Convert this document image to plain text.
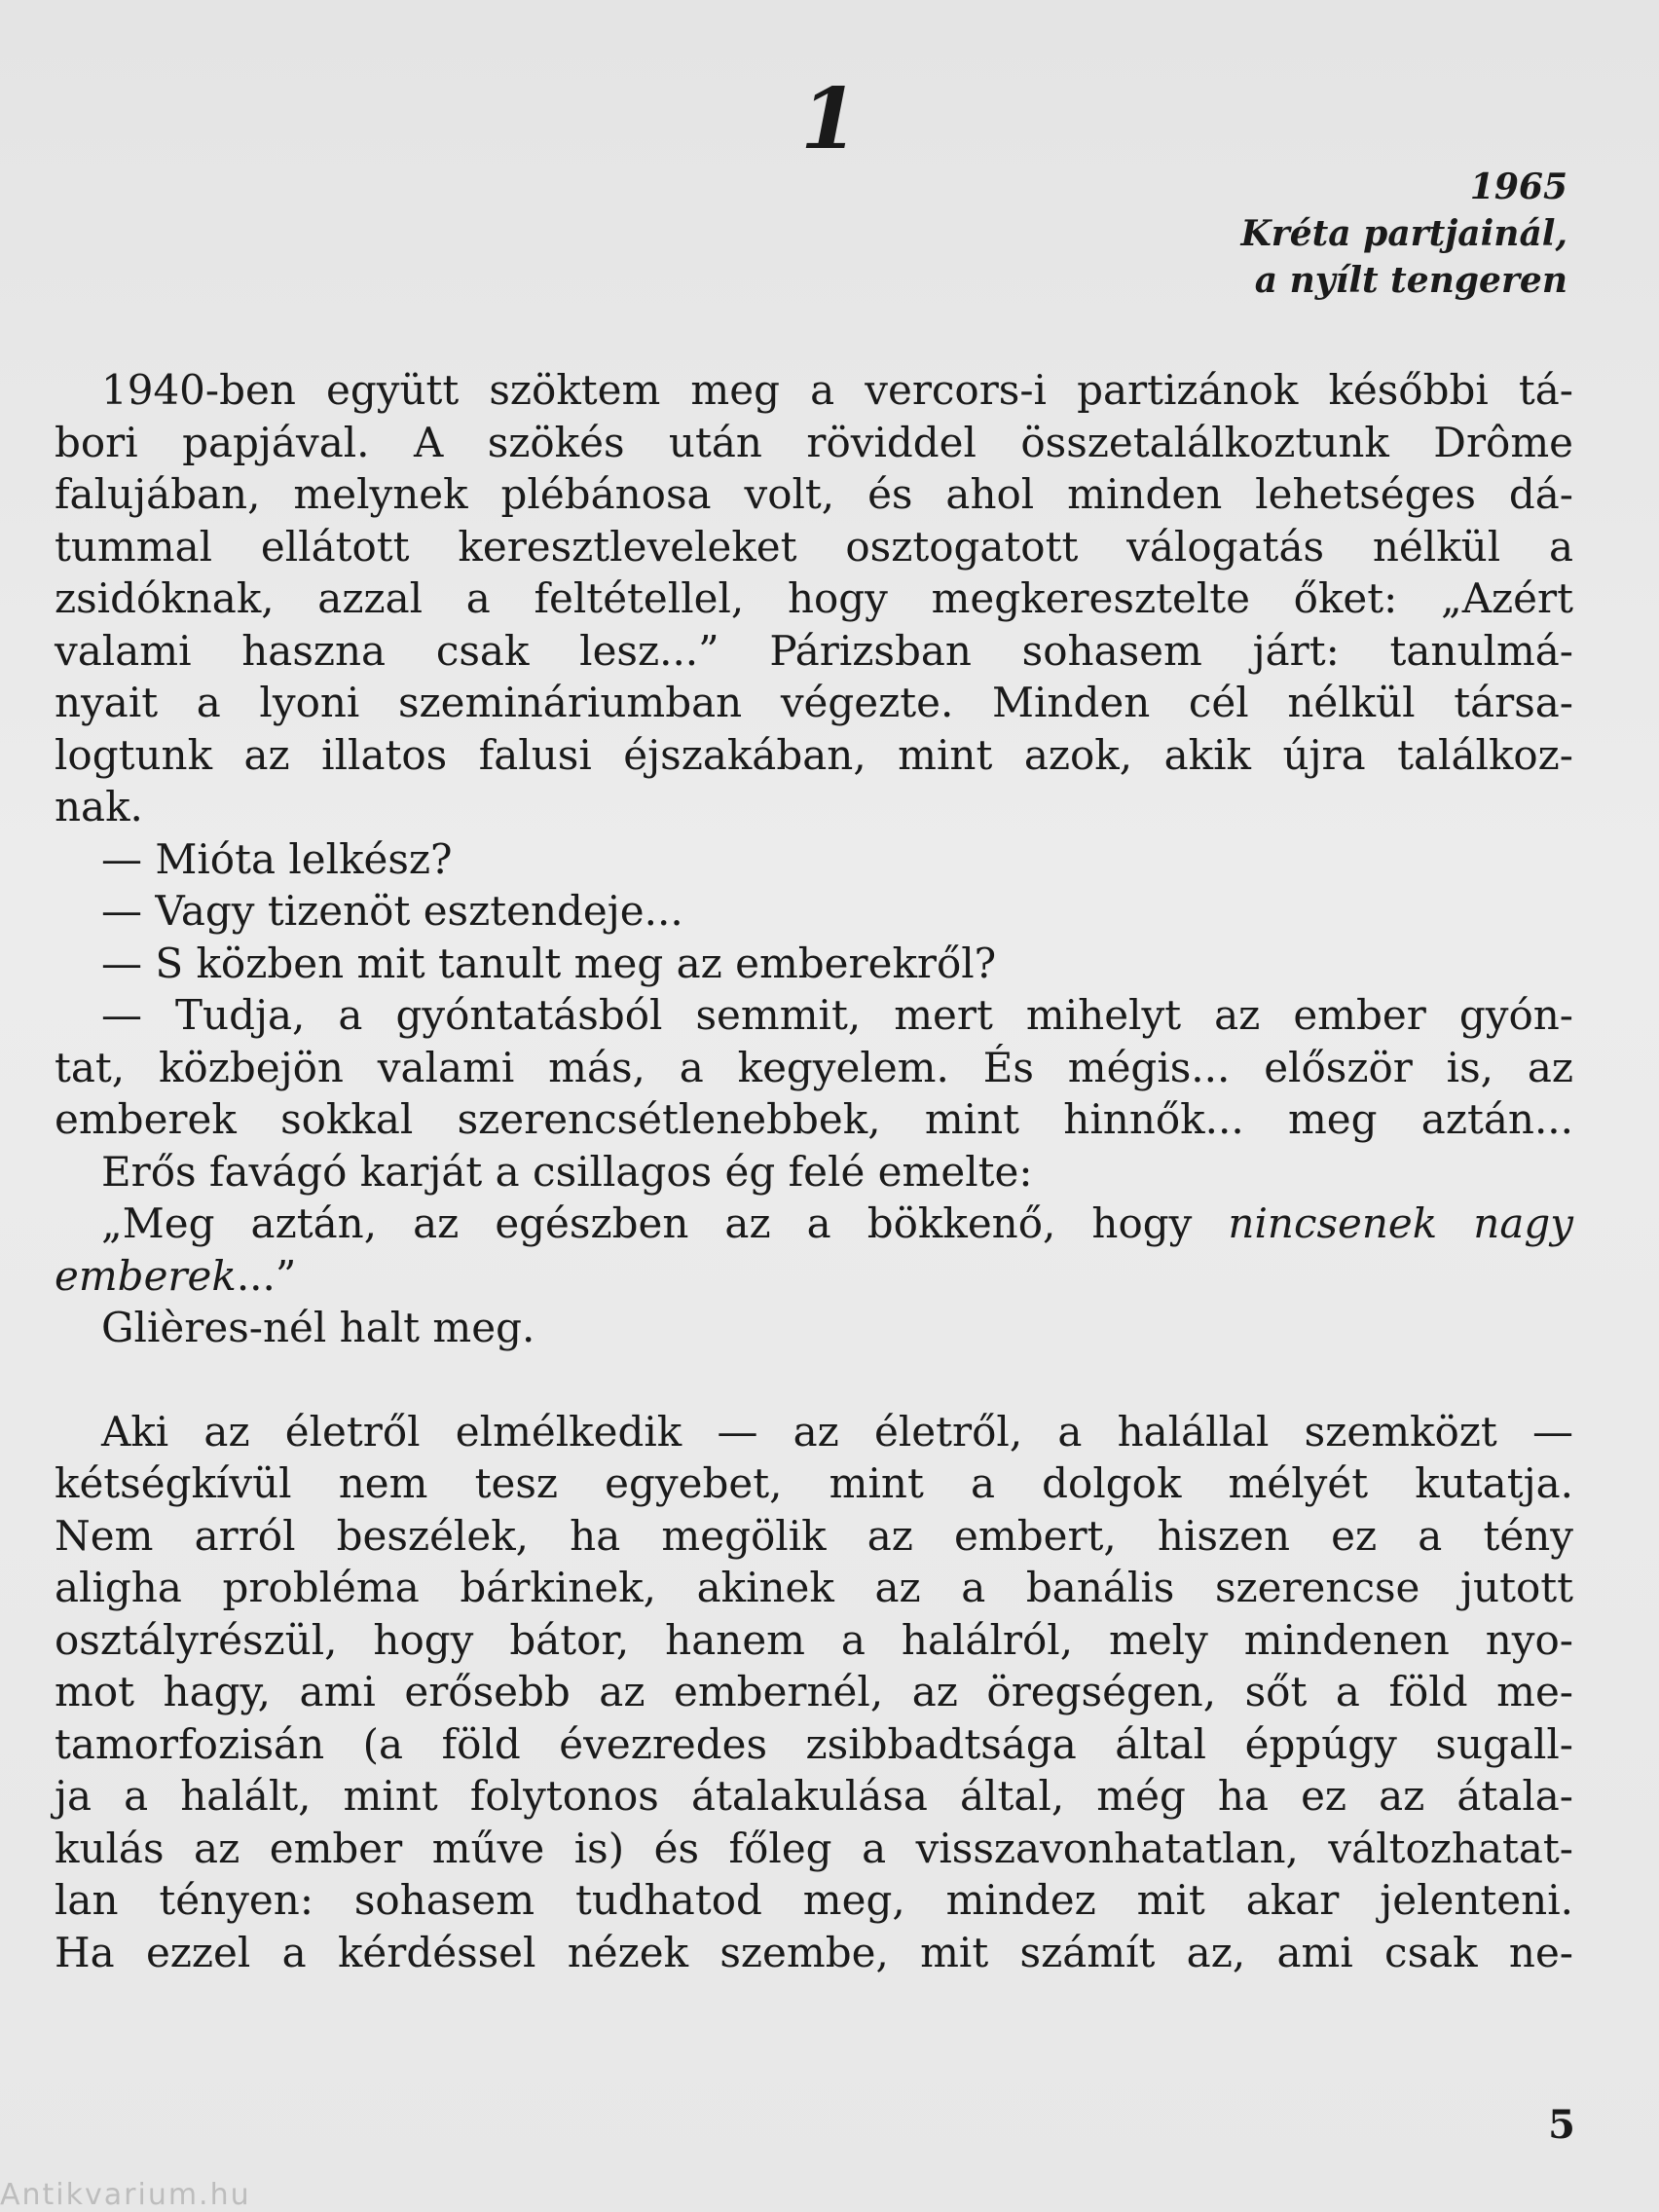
1
1965
Kréta partjainál,
a nyílt tengeren
1940-ben együtt szöktem meg a vercors-i partizánok későbbi tá-
bori papjával. A szökés után röviddel összetalálkoztunk Drôme
falujában, melynek plébánosa volt, és ahol minden lehetséges dá-
tummal ellátott keresztleveleket osztogatott válogatás nélkül a
zsidóknak, azzal a feltétellel, hogy megkeresztelte őket: „Azért
valami haszna csak lesz...” Párizsban sohasem járt: tanulmá-
nyait a lyoni szemináriumban végezte. Minden cél nélkül társa-
logtunk az illatos falusi éjszakában, mint azok, akik újra találkoz-
nak.
— Mióta lelkész?
— Vagy tizenöt esztendeje...
— S közben mit tanult meg az emberekről?
— Tudja, a gyóntatásból semmit, mert mihelyt az ember gyón-
tat, közbejön valami más, a kegyelem. És mégis... először is, az
emberek sokkal szerencsétlenebbek, mint hinnők... meg aztán...
Erős favágó karját a csillagos ég felé emelte:
„Meg aztán, az egészben az a bökkenő, hogy nincsenek nagy
emberek...”
Glières-nél halt meg.
Aki az életről elmélkedik — az életről, a halállal szemközt —
kétségkívül nem tesz egyebet, mint a dolgok mélyét kutatja.
Nem arról beszélek, ha megölik az embert, hiszen ez a tény
aligha probléma bárkinek, akinek az a banális szerencse jutott
osztályrészül, hogy bátor, hanem a halálról, mely mindenen nyo-
mot hagy, ami erősebb az embernél, az öregségen, sőt a föld me-
tamorfozisán (a föld évezredes zsibbadtsága által éppúgy sugall-
ja a halált, mint folytonos átalakulása által, még ha ez az átala-
kulás az ember műve is) és főleg a visszavonhatatlan, változhatat-
lan tényen: sohasem tudhatod meg, mindez mit akar jelenteni.
Ha ezzel a kérdéssel nézek szembe, mit számít az, ami csak ne-
5
Antikvarium.hu
